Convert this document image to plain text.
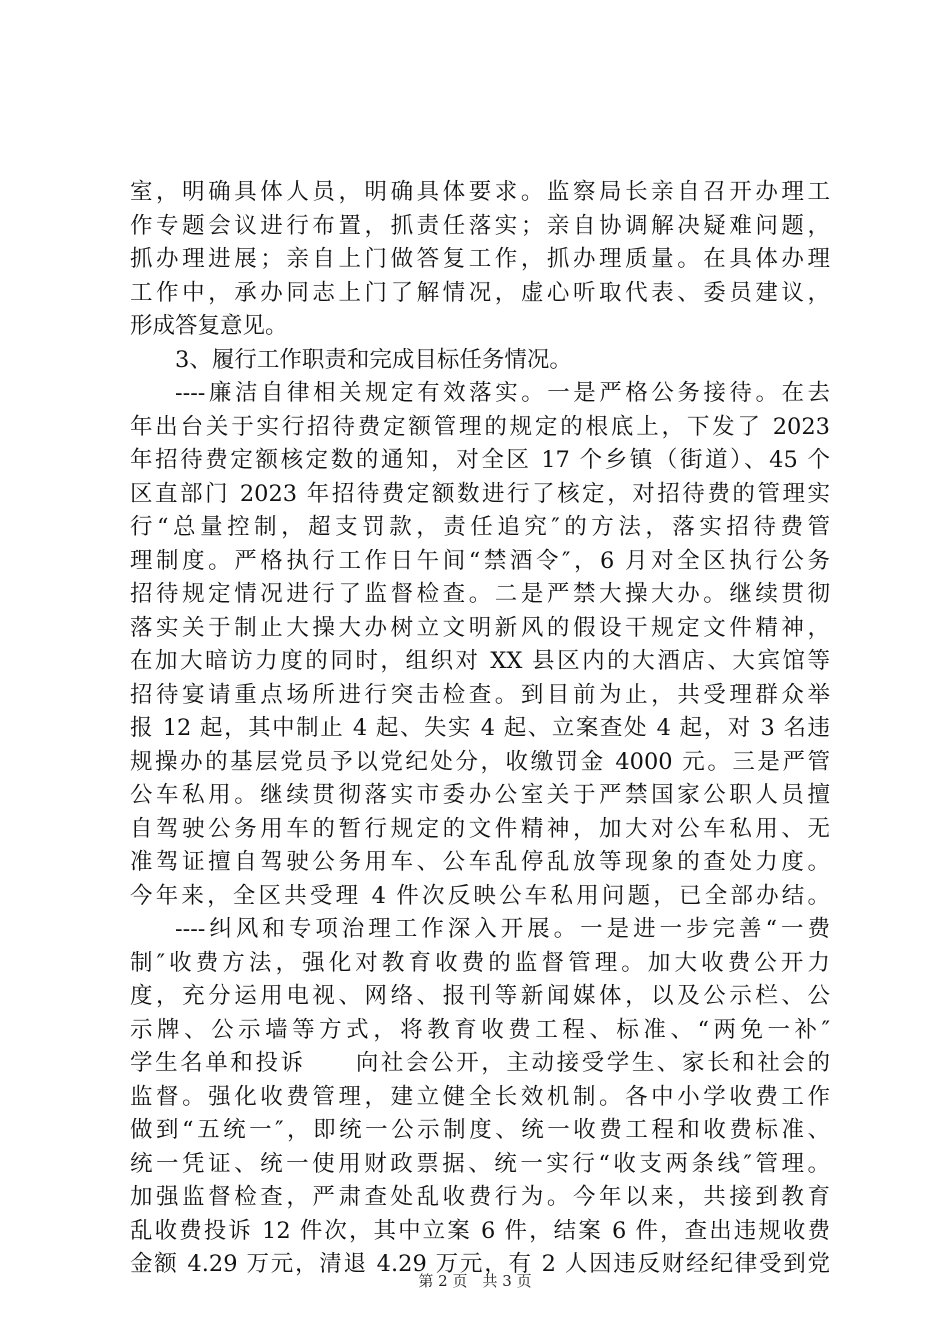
室，明确具体人员，明确具体要求。监察局长亲自召开办理工
作专题会议进行布置，抓责任落实；亲自协调解决疑难问题，
抓办理进展；亲自上门做答复工作，抓办理质量。在具体办理
工作中，承办同志上门了解情况，虚心听取代表、委员建议，
形成答复意见。
3、履行工作职责和完成目标任务情况。
----廉洁自律相关规定有效落实。一是严格公务接待。在去
年出台关于实行招待费定额管理的规定的根底上，下发了 2023
年招待费定额核定数的通知，对全区 17 个乡镇（街道）、45 个
区直部门 2023 年招待费定额数进行了核定，对招待费的管理实
行“总量控制，超支罚款，责任追究″的方法，落实招待费管
理制度。严格执行工作日午间“禁酒令″，6 月对全区执行公务
招待规定情况进行了监督检查。二是严禁大操大办。继续贯彻
落实关于制止大操大办树立文明新风的假设干规定文件精神，
在加大暗访力度的同时，组织对 XX 县区内的大酒店、大宾馆等
招待宴请重点场所进行突击检查。到目前为止，共受理群众举
报 12 起，其中制止 4 起、失实 4 起、立案查处 4 起，对 3 名违
规操办的基层党员予以党纪处分，收缴罚金 4000 元。三是严管
公车私用。继续贯彻落实市委办公室关于严禁国家公职人员擅
自驾驶公务用车的暂行规定的文件精神，加大对公车私用、无
准驾证擅自驾驶公务用车、公车乱停乱放等现象的查处力度。
今年来，全区共受理 4 件次反映公车私用问题，已全部办结。
----纠风和专项治理工作深入开展。一是进一步完善“一费
制″收费方法，强化对教育收费的监督管理。加大收费公开力
度，充分运用电视、网络、报刊等新闻媒体，以及公示栏、公
示牌、公示墙等方式，将教育收费工程、标准、“两免一补″
学生名单和投诉　　向社会公开，主动接受学生、家长和社会的
监督。强化收费管理，建立健全长效机制。各中小学收费工作
做到“五统一″，即统一公示制度、统一收费工程和收费标准、
统一凭证、统一使用财政票据、统一实行“收支两条线″管理。
加强监督检查，严肃查处乱收费行为。今年以来，共接到教育
乱收费投诉 12 件次，其中立案 6 件，结案 6 件，查出违规收费
金额 4.29 万元，清退 4.29 万元，有 2 人因违反财经纪律受到党
第 2 页　共 3 页
